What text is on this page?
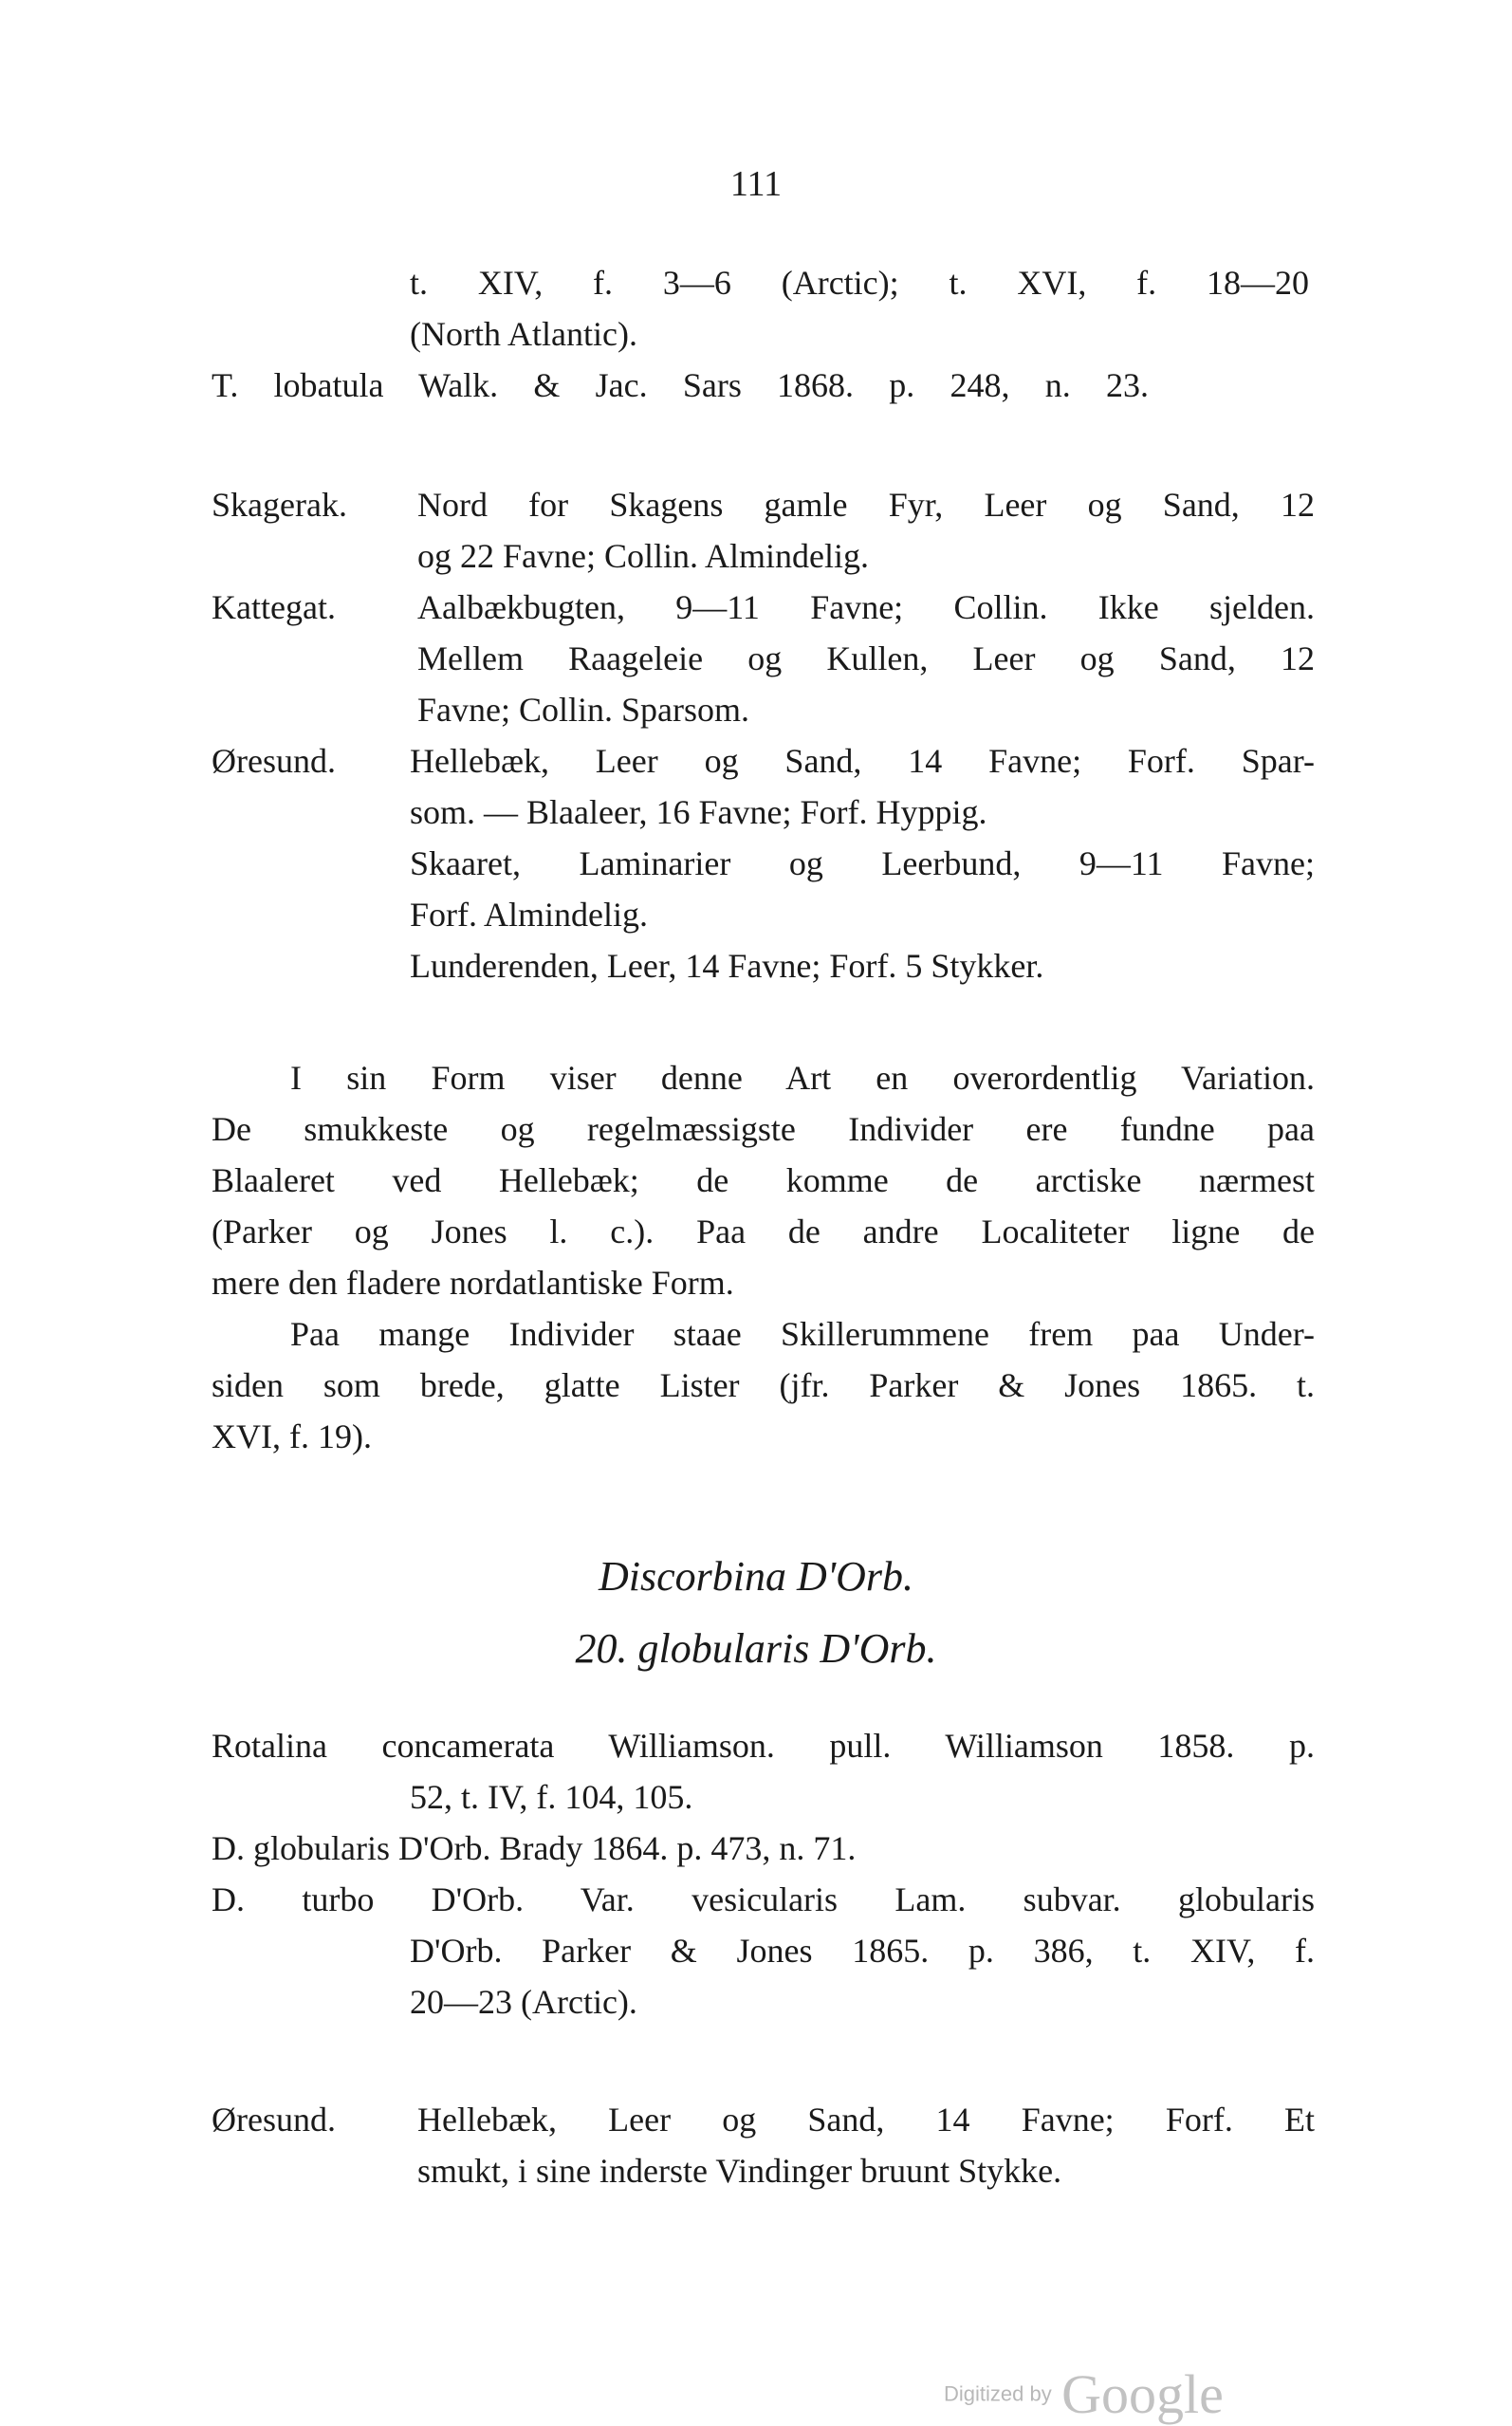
111
t. XIV, f. 3—6 (Arctic); t. XVI, f. 18—20
(North Atlantic).
T. lobatula Walk. & Jac. Sars 1868. p. 248, n. 23.
Skagerak. Nord for Skagens gamle Fyr, Leer og Sand, 12
og 22 Favne; Collin. Almindelig.
Kattegat. Aalbækbugten, 9—11 Favne; Collin. Ikke sjelden.
Mellem Raageleie og Kullen, Leer og Sand, 12
Favne; Collin. Sparsom.
Øresund. Hellebæk, Leer og Sand, 14 Favne; Forf. Spar-
som. — Blaaleer, 16 Favne; Forf. Hyppig.
Skaaret, Laminarier og Leerbund, 9—11 Favne;
Forf. Almindelig.
Lunderenden, Leer, 14 Favne; Forf. 5 Stykker.
I sin Form viser denne Art en overordentlig Variation.
De smukkeste og regelmæssigste Individer ere fundne paa
Blaaleret ved Hellebæk; de komme de arctiske nærmest
(Parker og Jones l. c.). Paa de andre Localiteter ligne de
mere den fladere nordatlantiske Form.
Paa mange Individer staae Skillerummene frem paa Under-
siden som brede, glatte Lister (jfr. Parker & Jones 1865. t.
XVI, f. 19).
Discorbina D'Orb.
20. globularis D'Orb.
Rotalina concamerata Williamson. pull. Williamson 1858. p.
52, t. IV, f. 104, 105.
D. globularis D'Orb. Brady 1864. p. 473, n. 71.
D. turbo D'Orb. Var. vesicularis Lam. subvar. globularis
D'Orb. Parker & Jones 1865. p. 386, t. XIV, f.
20—23 (Arctic).
Øresund. Hellebæk, Leer og Sand, 14 Favne; Forf. Et
smukt, i sine inderste Vindinger bruunt Stykke.
Digitized by Google
